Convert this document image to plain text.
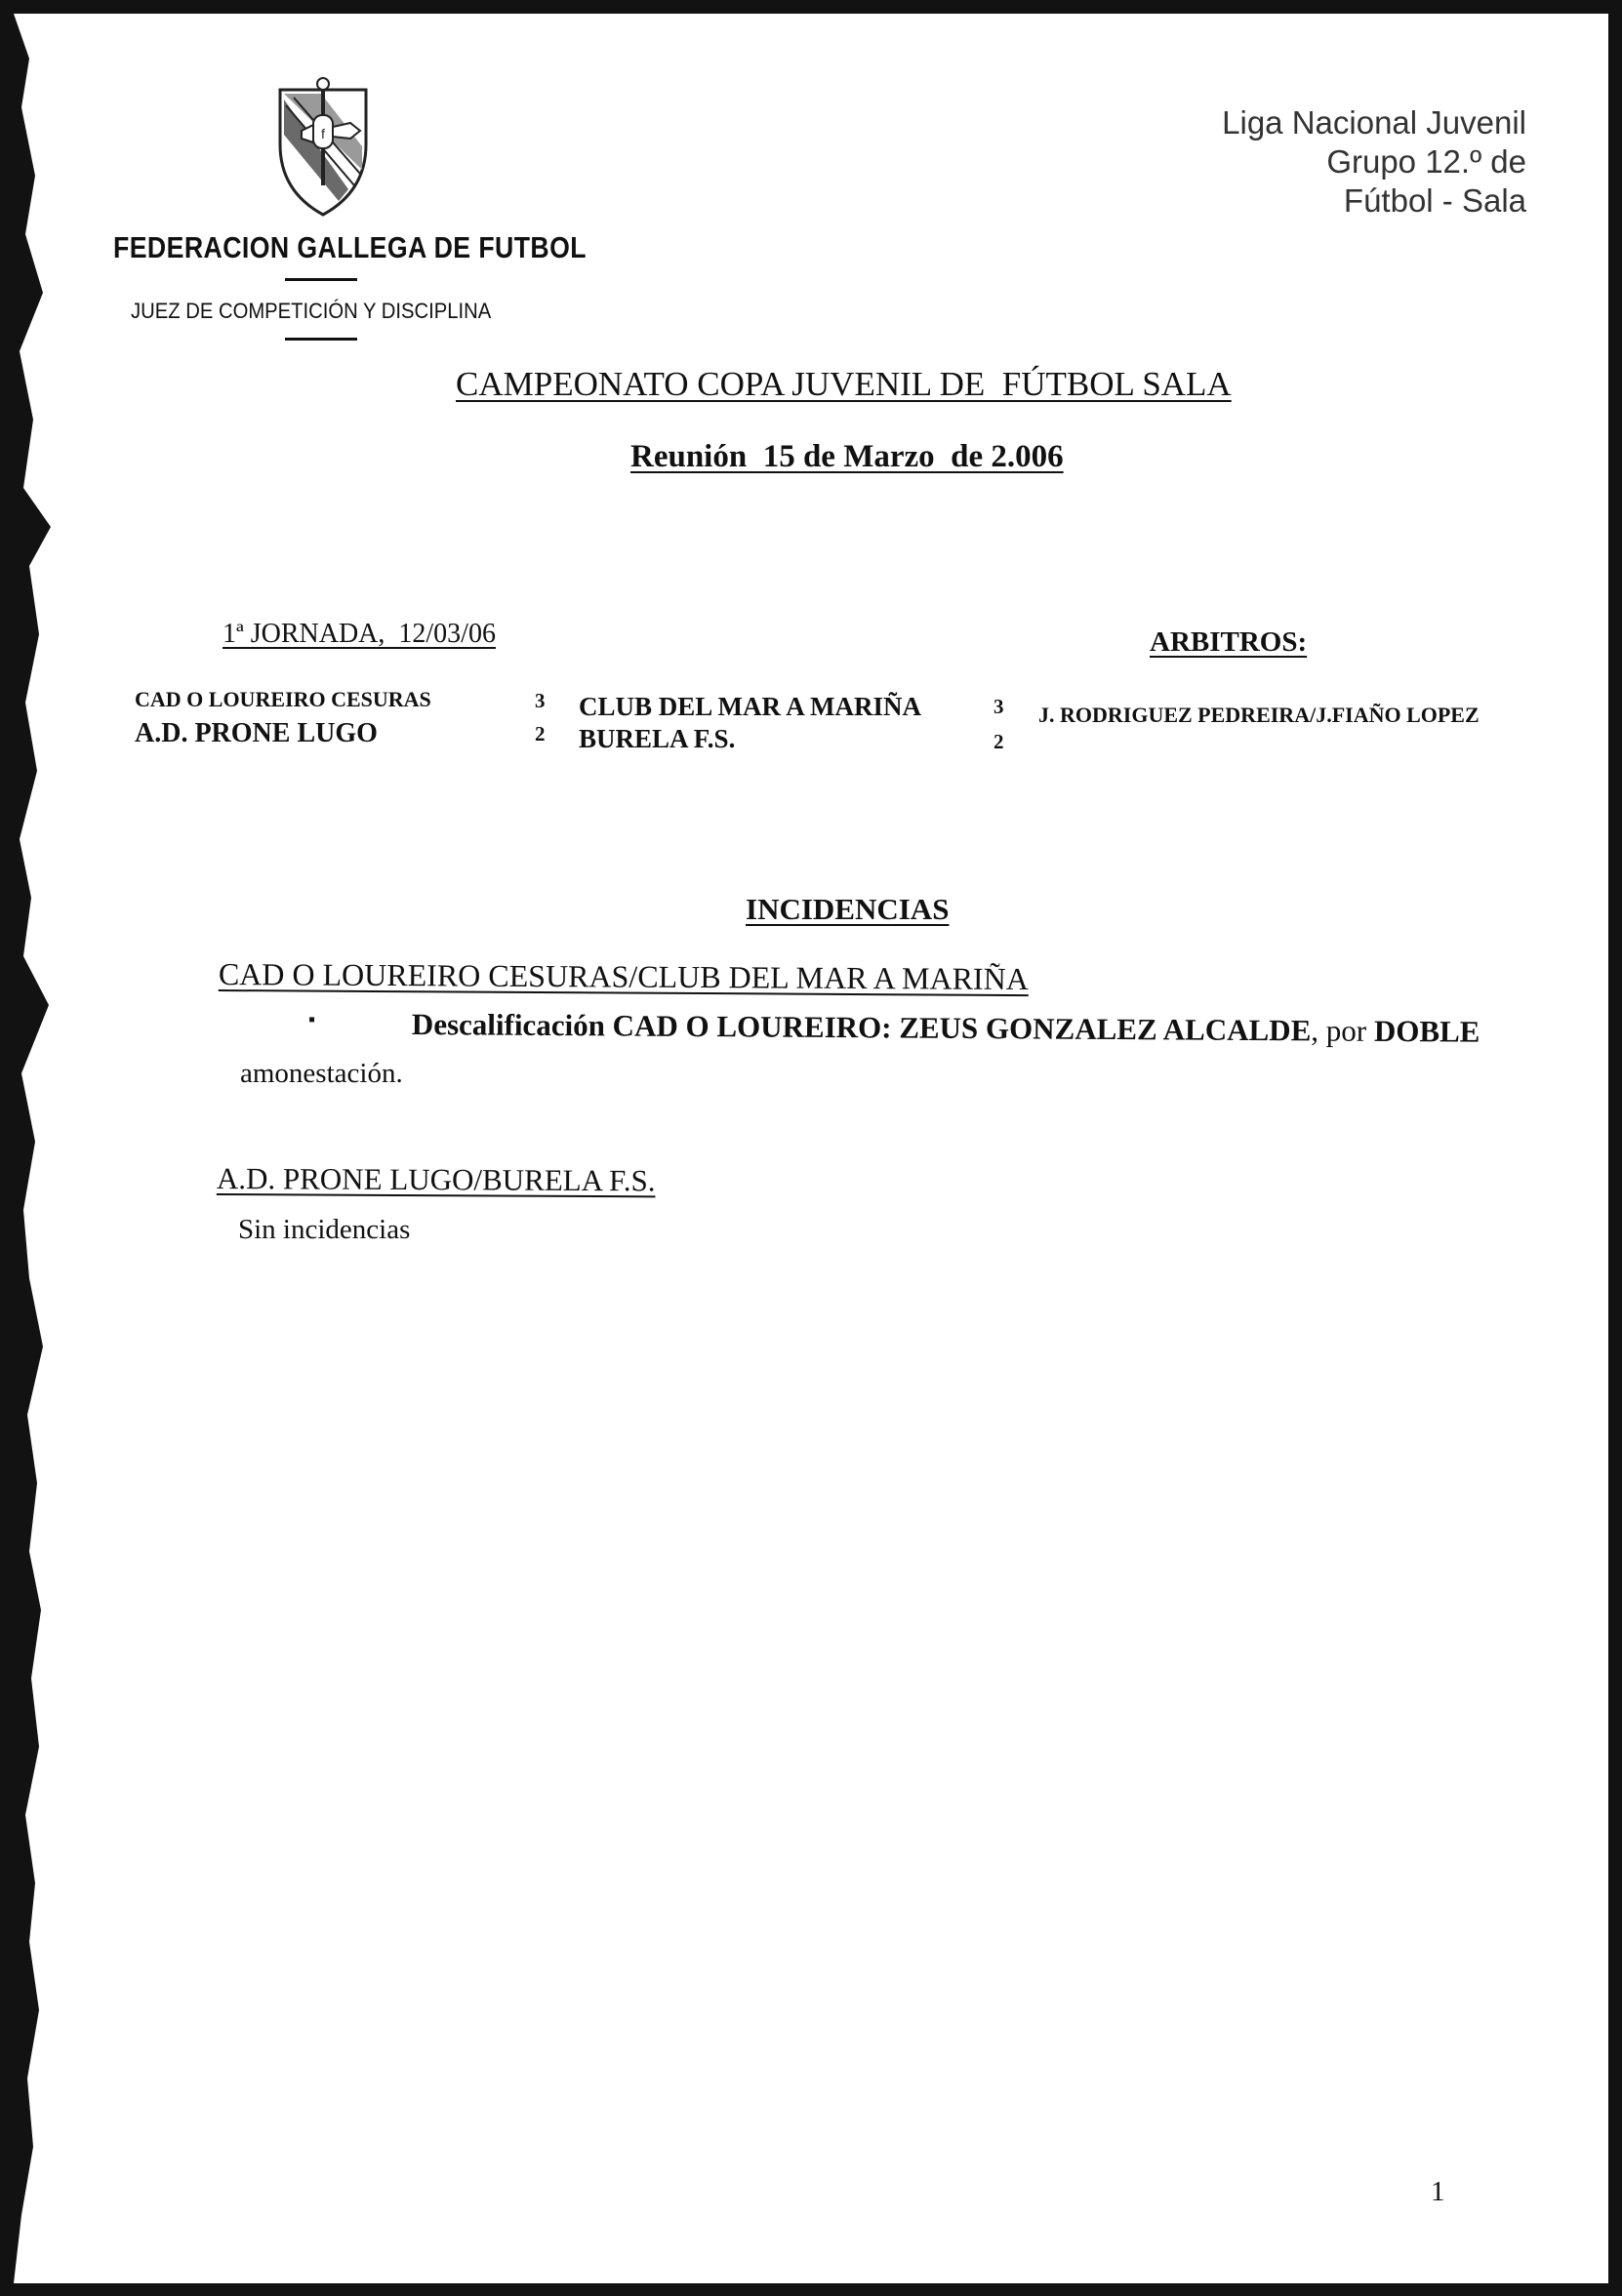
f
FEDERACION GALLEGA DE FUTBOL
JUEZ DE COMPETICIÓN Y DISCIPLINA
Liga Nacional Juvenil
Grupo 12.º de
Fútbol - Sala
CAMPEONATO COPA JUVENIL DE  FÚTBOL SALA
Reunión  15 de Marzo  de 2.006
1ª JORNADA,  12/03/06	ARBITROS:
CAD O LOUREIRO CESURAS	3 CLUB DEL MAR A MARIÑA	3 J. RODRIGUEZ PEDREIRA/J.FIAÑO LOPEZ
A.D. PRONE LUGO	2 BURELA F.S.	2
INCIDENCIAS
CAD O LOUREIRO CESURAS/CLUB DEL MAR A MARIÑA
▪	Descalificación CAD O LOUREIRO: ZEUS GONZALEZ ALCALDE, por DOBLE
amonestación.
A.D. PRONE LUGO/BURELA F.S.
Sin incidencias
1
